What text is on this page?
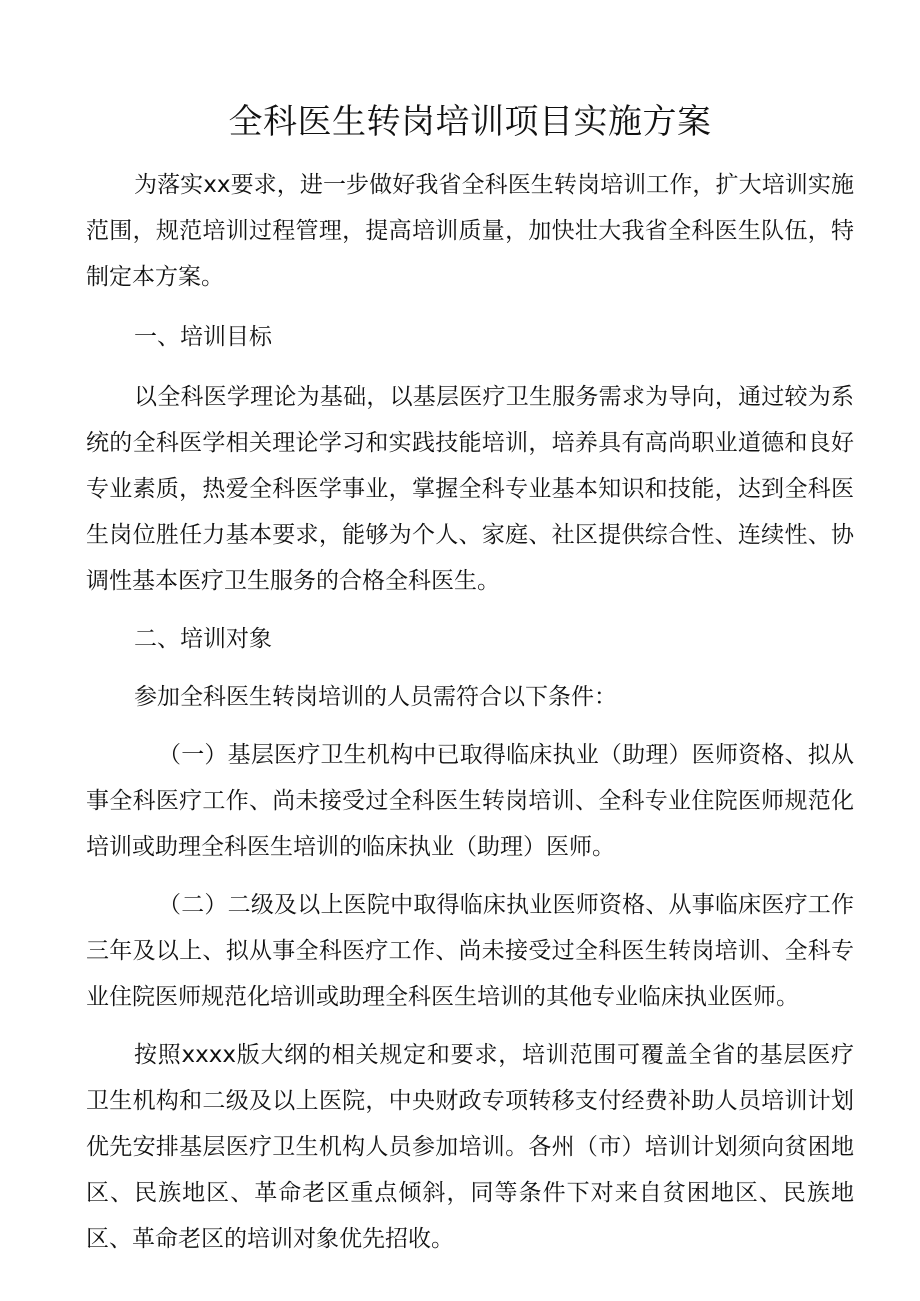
全科医生转岗培训项目实施方案

为落实xx要求，进一步做好我省全科医生转岗培训工作，扩大培训实施范围，规范培训过程管理，提高培训质量，加快壮大我省全科医生队伍，特制定本方案。

一、培训目标

以全科医学理论为基础，以基层医疗卫生服务需求为导向，通过较为系统的全科医学相关理论学习和实践技能培训，培养具有高尚职业道德和良好专业素质，热爱全科医学事业，掌握全科专业基本知识和技能，达到全科医生岗位胜任力基本要求，能够为个人、家庭、社区提供综合性、连续性、协调性基本医疗卫生服务的合格全科医生。

二、培训对象

参加全科医生转岗培训的人员需符合以下条件：

（一）基层医疗卫生机构中已取得临床执业（助理）医师资格、拟从事全科医疗工作、尚未接受过全科医生转岗培训、全科专业住院医师规范化培训或助理全科医生培训的临床执业（助理）医师。

（二）二级及以上医院中取得临床执业医师资格、从事临床医疗工作三年及以上、拟从事全科医疗工作、尚未接受过全科医生转岗培训、全科专业住院医师规范化培训或助理全科医生培训的其他专业临床执业医师。

按照xxxx版大纲的相关规定和要求，培训范围可覆盖全省的基层医疗卫生机构和二级及以上医院，中央财政专项转移支付经费补助人员培训计划优先安排基层医疗卫生机构人员参加培训。各州（市）培训计划须向贫困地区、民族地区、革命老区重点倾斜，同等条件下对来自贫困地区、民族地区、革命老区的培训对象优先招收。
